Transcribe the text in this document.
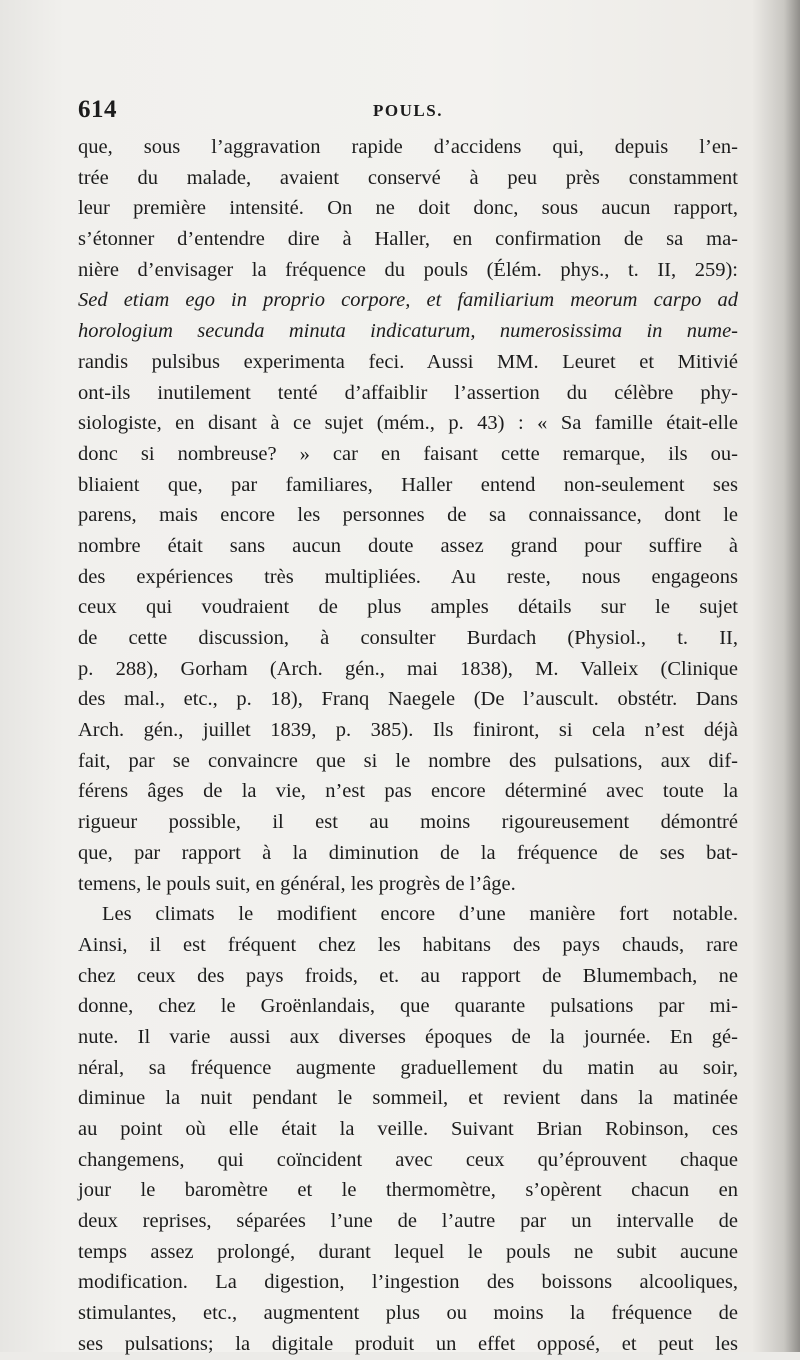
614	POULS.
que, sous l’aggravation rapide d’accidens qui, depuis l’en-
trée du malade, avaient conservé à peu près constamment
leur première intensité. On ne doit donc, sous aucun rapport,
s’étonner d’entendre dire à Haller, en confirmation de sa ma-
nière d’envisager la fréquence du pouls (Élém. phys., t. II, 259):
Sed etiam ego in proprio corpore, et familiarium meorum carpo ad
horologium secunda minuta indicaturum, numerosissima in nume-
randis pulsibus experimenta feci. Aussi MM. Leuret et Mitivié
ont-ils inutilement tenté d’affaiblir l’assertion du célèbre phy-
siologiste, en disant à ce sujet (mém., p. 43) : « Sa famille était-elle
donc si nombreuse? » car en faisant cette remarque, ils ou-
bliaient que, par familiares, Haller entend non-seulement ses
parens, mais encore les personnes de sa connaissance, dont le
nombre était sans aucun doute assez grand pour suffire à
des expériences très multipliées. Au reste, nous engageons
ceux qui voudraient de plus amples détails sur le sujet
de cette discussion, à consulter Burdach (Physiol., t. II,
p. 288), Gorham (Arch. gén., mai 1838), M. Valleix (Clinique
des mal., etc., p. 18), Franq Naegele (De l’auscult. obstétr. Dans
Arch. gén., juillet 1839, p. 385). Ils finiront, si cela n’est déjà
fait, par se convaincre que si le nombre des pulsations, aux dif-
férens âges de la vie, n’est pas encore déterminé avec toute la
rigueur possible, il est au moins rigoureusement démontré
que, par rapport à la diminution de la fréquence de ses bat-
temens, le pouls suit, en général, les progrès de l’âge.
Les climats le modifient encore d’une manière fort notable.
Ainsi, il est fréquent chez les habitans des pays chauds, rare
chez ceux des pays froids, et. au rapport de Blumembach, ne
donne, chez le Groënlandais, que quarante pulsations par mi-
nute. Il varie aussi aux diverses époques de la journée. En gé-
néral, sa fréquence augmente graduellement du matin au soir,
diminue la nuit pendant le sommeil, et revient dans la matinée
au point où elle était la veille. Suivant Brian Robinson, ces
changemens, qui coïncident avec ceux qu’éprouvent chaque
jour le baromètre et le thermomètre, s’opèrent chacun en
deux reprises, séparées l’une de l’autre par un intervalle de
temps assez prolongé, durant lequel le pouls ne subit aucune
modification. La digestion, l’ingestion des boissons alcooliques,
stimulantes, etc., augmentent plus ou moins la fréquence de
ses pulsations; la digitale produit un effet opposé, et peut les
